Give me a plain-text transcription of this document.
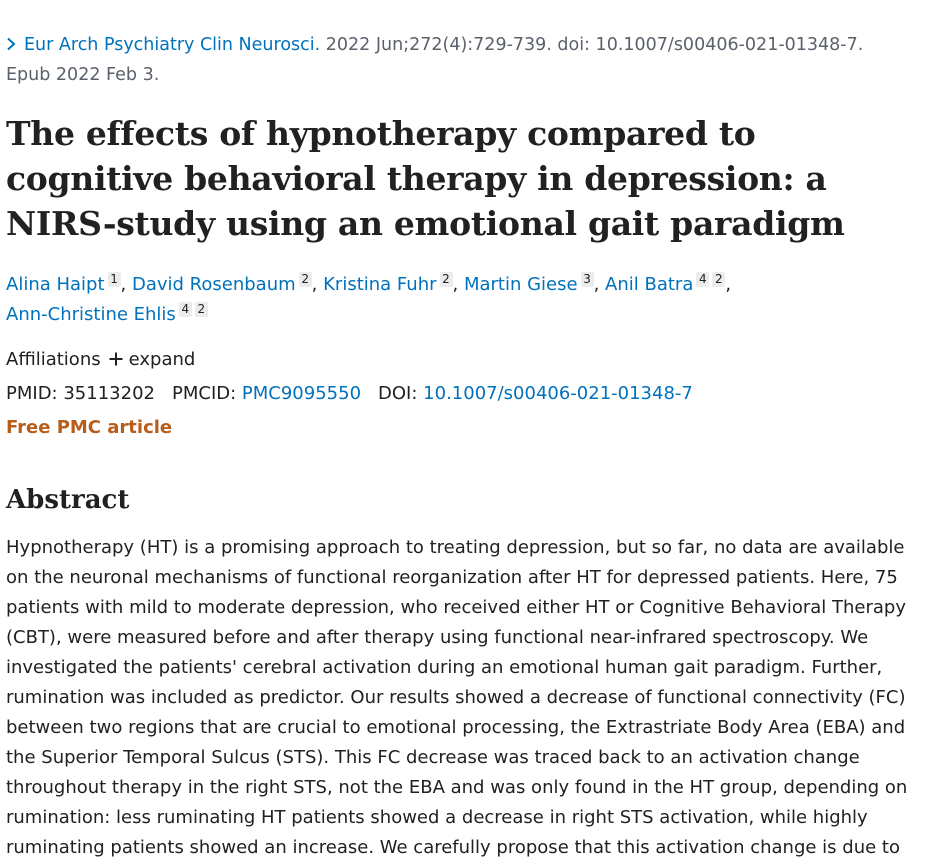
Eur Arch Psychiatry Clin Neurosci. 2022 Jun;272(4):729-739. doi: 10.1007/s00406-021-01348-7.
Epub 2022 Feb 3.
The effects of hypnotherapy compared to cognitive behavioral therapy in depression: a NIRS-study using an emotional gait paradigm
Alina Haipt $^1$ , David Rosenbaum $^2$ , Kristina Fuhr $^2$ , Martin Giese $^3$ , Anil Batra $^4$ $^2$ ,
Ann-Christine Ehlis $^4$ $^2$
Affiliations expand
PMID: 35113202 PMCID: PMC9095550 DOI: 10.1007/s00406-021-01348-7
Free PMC article
Abstract

Hypnotherapy (HT) is a promising approach to treating depression, but so far, no data are available on the neuronal mechanisms of functional reorganization after HT for depressed patients. Here, 75 patients with mild to moderate depression, who received either HT or Cognitive Behavioral Therapy (CBT), were measured before and after therapy using functional near-infrared spectroscopy. We investigated the patients' cerebral activation during an emotional human gait paradigm. Further, rumination was included as predictor. Our results showed a decrease of functional connectivity (FC) between two regions that are crucial to emotional processing, the Extrastriate Body Area (EBA) and the Superior Temporal Sulcus (STS). This FC decrease was traced back to an activation change throughout therapy in the right STS, not the EBA and was only found in the HT group, depending on rumination: less ruminating HT patients showed a decrease in right STS activation, while highly ruminating patients showed an increase. We carefully propose that this activation change is due to
